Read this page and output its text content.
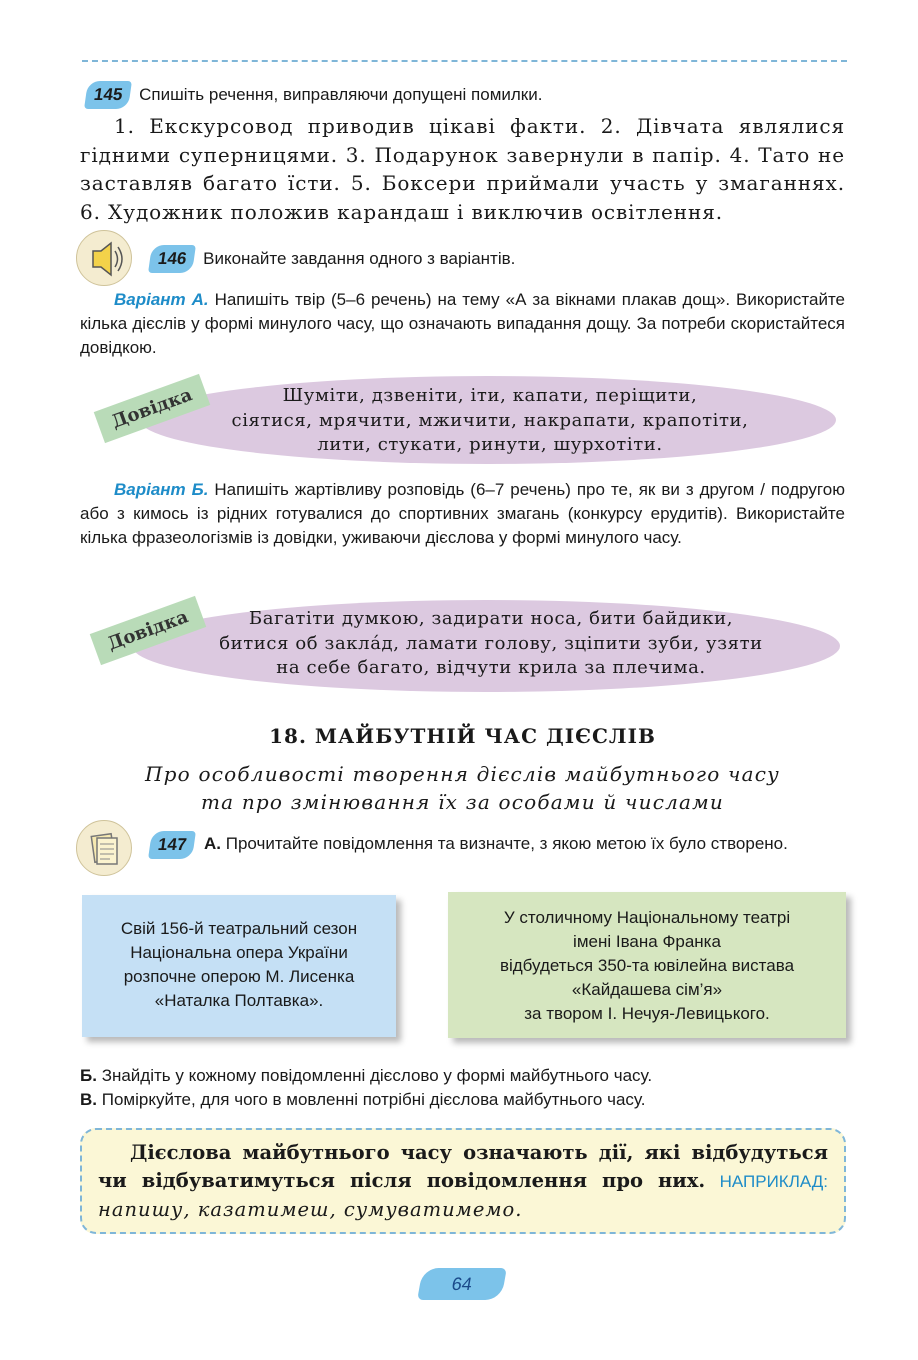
145 Спишіть речення, виправляючи допущені помилки.
1. Екскурсовод приводив цікаві факти. 2. Дівчата являлися гідними суперницями. 3. Подарунок завернули в папір. 4. Тато не заставляв багато їсти. 5. Боксери приймали участь у змаганнях. 6. Художник положив карандаш і виключив освітлення.
146 Виконайте завдання одного з варіантів.
Варіант А. Напишіть твір (5–6 речень) на тему «А за вікнами плакав дощ». Використайте кілька дієслів у формі минулого часу, що означають випадання дощу. За потреби скористайтеся довідкою.
Довідка	Шуміти, дзвеніти, іти, капати, періщити,
сіятися, мрячити, мжичити, накрапати, крапотіти,
лити, стукати, ринути, шурхотіти.
Варіант Б. Напишіть жартівливу розповідь (6–7 речень) про те, як ви з другом / подругою або з кимось із рідних готувалися до спортивних змагань (конкурсу ерудитів). Використайте кілька фразеологізмів із довідки, уживаючи дієслова у формі минулого часу.
Довідка	Багатіти думкою, задирати носа, бити байдики,
битися об закла́д, ламати голову, зціпити зуби, узяти
на себе багато, відчути крила за плечима.
18. МАЙБУТНІЙ ЧАС ДІЄСЛІВ
Про особливості творення дієслів майбутнього часу
та про змінювання їх за особами й числами
147 А. Прочитайте повідомлення та визначте, з якою метою їх було створено.
Свій 156-й театральний сезон
Національна опера України
розпочне оперою М. Лисенка
«Наталка Полтавка».
У столичному Національному театрі
імені Івана Франка
відбудеться 350-та ювілейна вистава
«Кайдашева сім’я»
за твором І. Нечуя-Левицького.
Б. Знайдіть у кожному повідомленні дієслово у формі майбутнього часу.
В. Поміркуйте, для чого в мовленні потрібні дієслова майбутнього часу.
Дієслова майбутнього часу означають дії, які відбудуться чи відбуватимуться після повідомлення про них. НАПРИКЛАД: напишу, казатимеш, сумуватимемо.
64
